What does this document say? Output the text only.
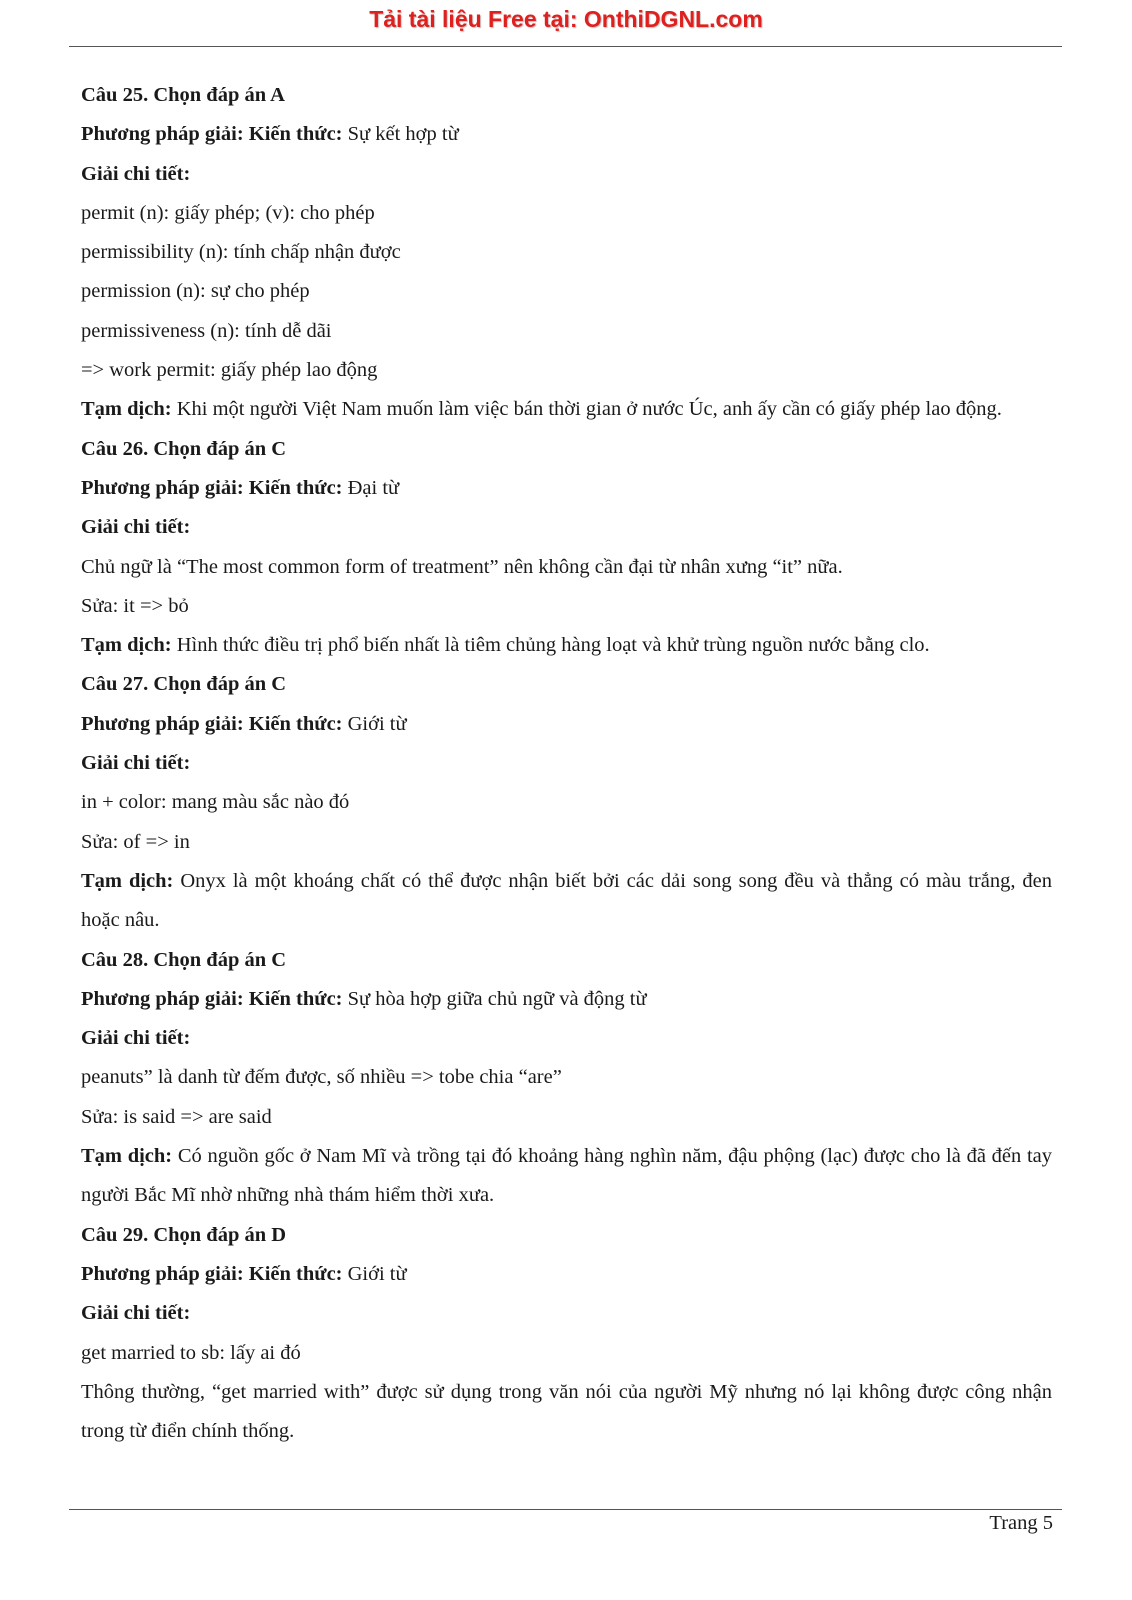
Tải tài liệu Free tại: OnthiDGNL.com
Câu 25. Chọn đáp án A
Phương pháp giải: Kiến thức: Sự kết hợp từ
Giải chi tiết:
permit (n): giấy phép; (v): cho phép
permissibility (n): tính chấp nhận được
permission (n): sự cho phép
permissiveness (n): tính dễ dãi
=> work permit: giấy phép lao động
Tạm dịch: Khi một người Việt Nam muốn làm việc bán thời gian ở nước Úc, anh ấy cần có giấy phép lao động.
Câu 26. Chọn đáp án C
Phương pháp giải: Kiến thức: Đại từ
Giải chi tiết:
Chủ ngữ là “The most common form of treatment” nên không cần đại từ nhân xưng “it” nữa.
Sửa: it => bỏ
Tạm dịch: Hình thức điều trị phổ biến nhất là tiêm chủng hàng loạt và khử trùng nguồn nước bằng clo.
Câu 27. Chọn đáp án C
Phương pháp giải: Kiến thức: Giới từ
Giải chi tiết:
in + color: mang màu sắc nào đó
Sửa: of => in
Tạm dịch: Onyx là một khoáng chất có thể được nhận biết bởi các dải song song đều và thẳng có màu trắng, đen hoặc nâu.
Câu 28. Chọn đáp án C
Phương pháp giải: Kiến thức: Sự hòa hợp giữa chủ ngữ và động từ
Giải chi tiết:
peanuts” là danh từ đếm được, số nhiều => tobe chia “are”
Sửa: is said => are said
Tạm dịch: Có nguồn gốc ở Nam Mĩ và trồng tại đó khoảng hàng nghìn năm, đậu phộng (lạc) được cho là đã đến tay người Bắc Mĩ nhờ những nhà thám hiểm thời xưa.
Câu 29. Chọn đáp án D
Phương pháp giải: Kiến thức: Giới từ
Giải chi tiết:
get married to sb: lấy ai đó
Thông thường, “get married with” được sử dụng trong văn nói của người Mỹ nhưng nó lại không được công nhận trong từ điển chính thống.
Trang 5
